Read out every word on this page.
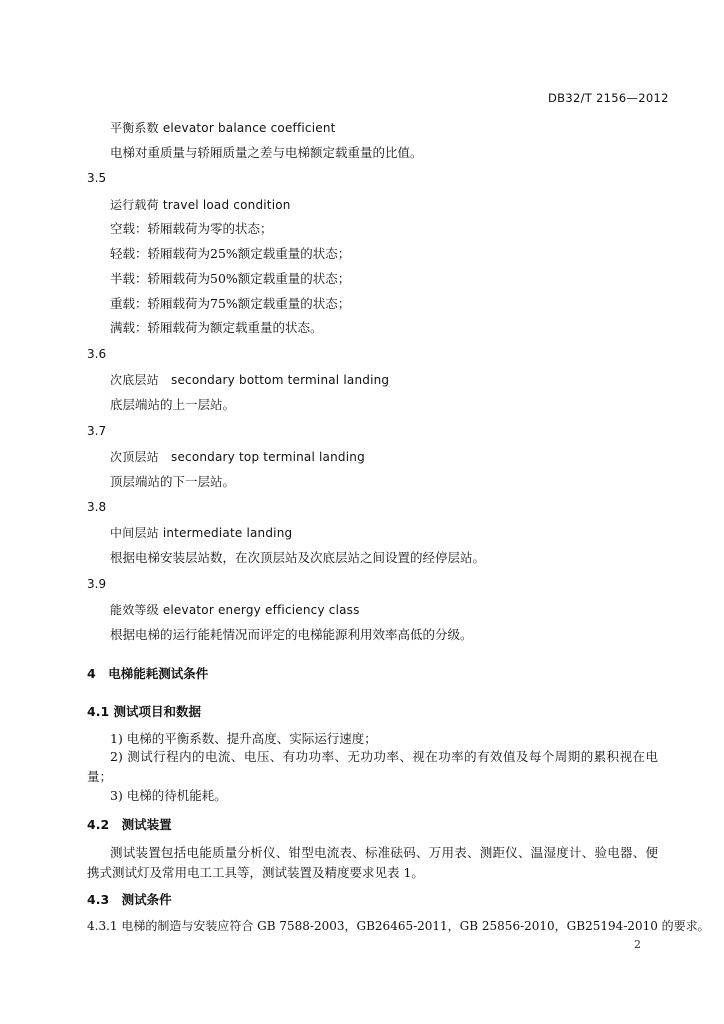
DB32/T 2156—2012
平衡系数 elevator balance coefficient
电梯对重质量与轿厢质量之差与电梯额定载重量的比值。
3.5
运行载荷 travel load condition
空载：轿厢载荷为零的状态；
轻载：轿厢载荷为25%额定载重量的状态；
半载：轿厢载荷为50%额定载重量的状态；
重载：轿厢载荷为75%额定载重量的状态；
满载：轿厢载荷为额定载重量的状态。
3.6
次底层站　secondary bottom terminal landing
底层端站的上一层站。
3.7
次顶层站　secondary top terminal landing
顶层端站的下一层站。
3.8
中间层站 intermediate landing
根据电梯安装层站数，在次顶层站及次底层站之间设置的经停层站。
3.9
能效等级 elevator energy efficiency class
根据电梯的运行能耗情况而评定的电梯能源利用效率高低的分级。
4　电梯能耗测试条件
4.1 测试项目和数据
1) 电梯的平衡系数、提升高度、实际运行速度；
2) 测试行程内的电流、电压、有功功率、无功功率、视在功率的有效值及每个周期的累积视在电
量；
3) 电梯的待机能耗。
4.2　测试装置
测试装置包括电能质量分析仪、钳型电流表、标准砝码、万用表、测距仪、温湿度计、验电器、便
携式测试灯及常用电工工具等，测试装置及精度要求见表 1。
4.3　测试条件
4.3.1 电梯的制造与安装应符合 GB 7588-2003，GB26465-2011，GB 25856-2010，GB25194-2010 的要求。
2
